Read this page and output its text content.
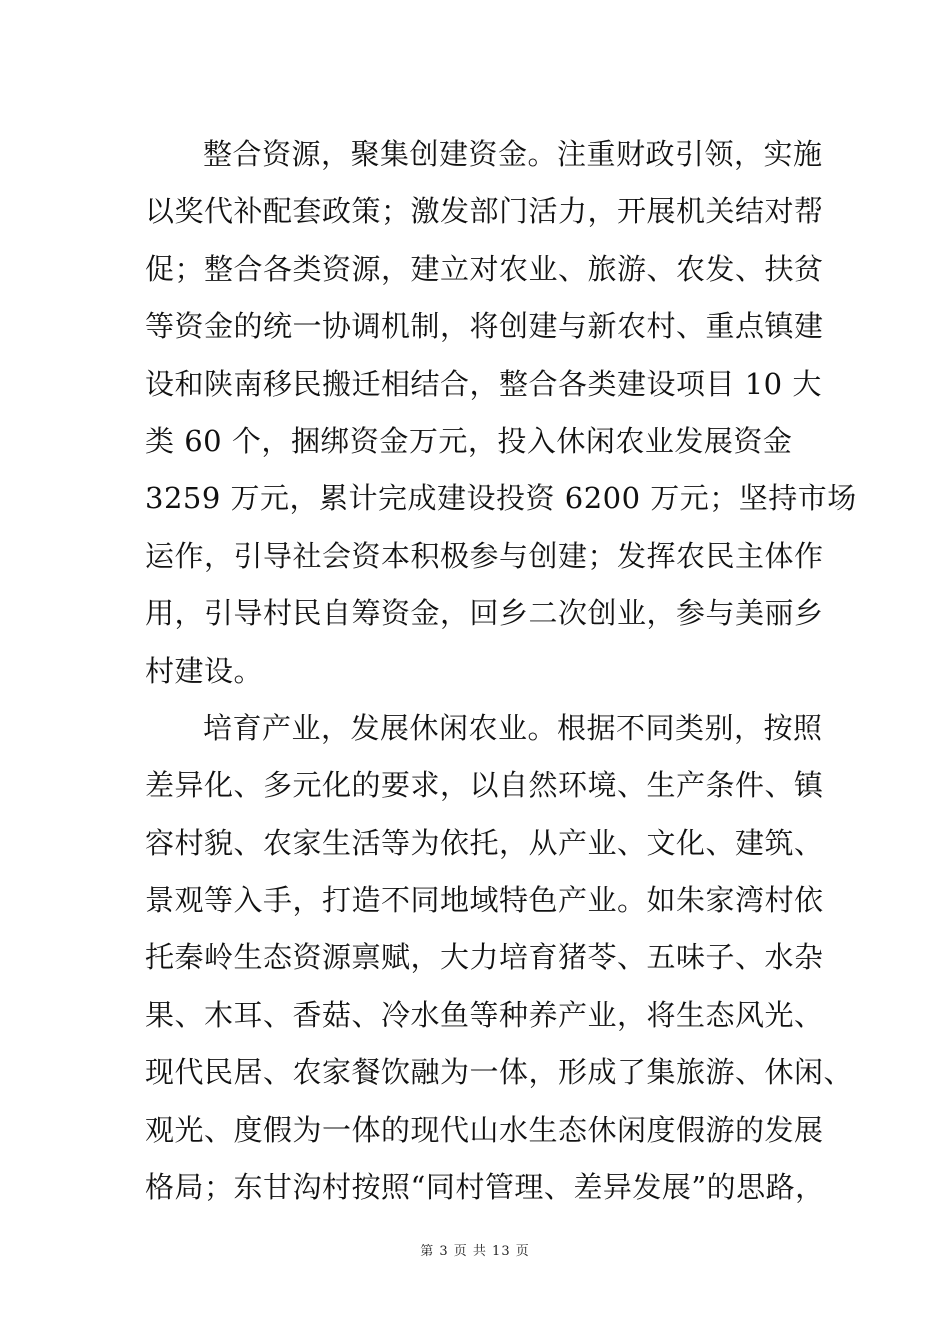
整合资源，聚集创建资金。注重财政引领，实施
以奖代补配套政策；激发部门活力，开展机关结对帮
促；整合各类资源，建立对农业、旅游、农发、扶贫
等资金的统一协调机制，将创建与新农村、重点镇建
设和陕南移民搬迁相结合，整合各类建设项目 10 大
类 60 个，捆绑资金万元，投入休闲农业发展资金
3259 万元，累计完成建设投资 6200 万元；坚持市场
运作，引导社会资本积极参与创建；发挥农民主体作
用，引导村民自筹资金，回乡二次创业，参与美丽乡
村建设。
培育产业，发展休闲农业。根据不同类别，按照
差异化、多元化的要求，以自然环境、生产条件、镇
容村貌、农家生活等为依托，从产业、文化、建筑、
景观等入手，打造不同地域特色产业。如朱家湾村依
托秦岭生态资源禀赋，大力培育猪苓、五味子、水杂
果、木耳、香菇、冷水鱼等种养产业，将生态风光、
现代民居、农家餐饮融为一体，形成了集旅游、休闲、
观光、度假为一体的现代山水生态休闲度假游的发展
格局；东甘沟村按照“同村管理、差异发展”的思路，
第 3 页 共 13 页
